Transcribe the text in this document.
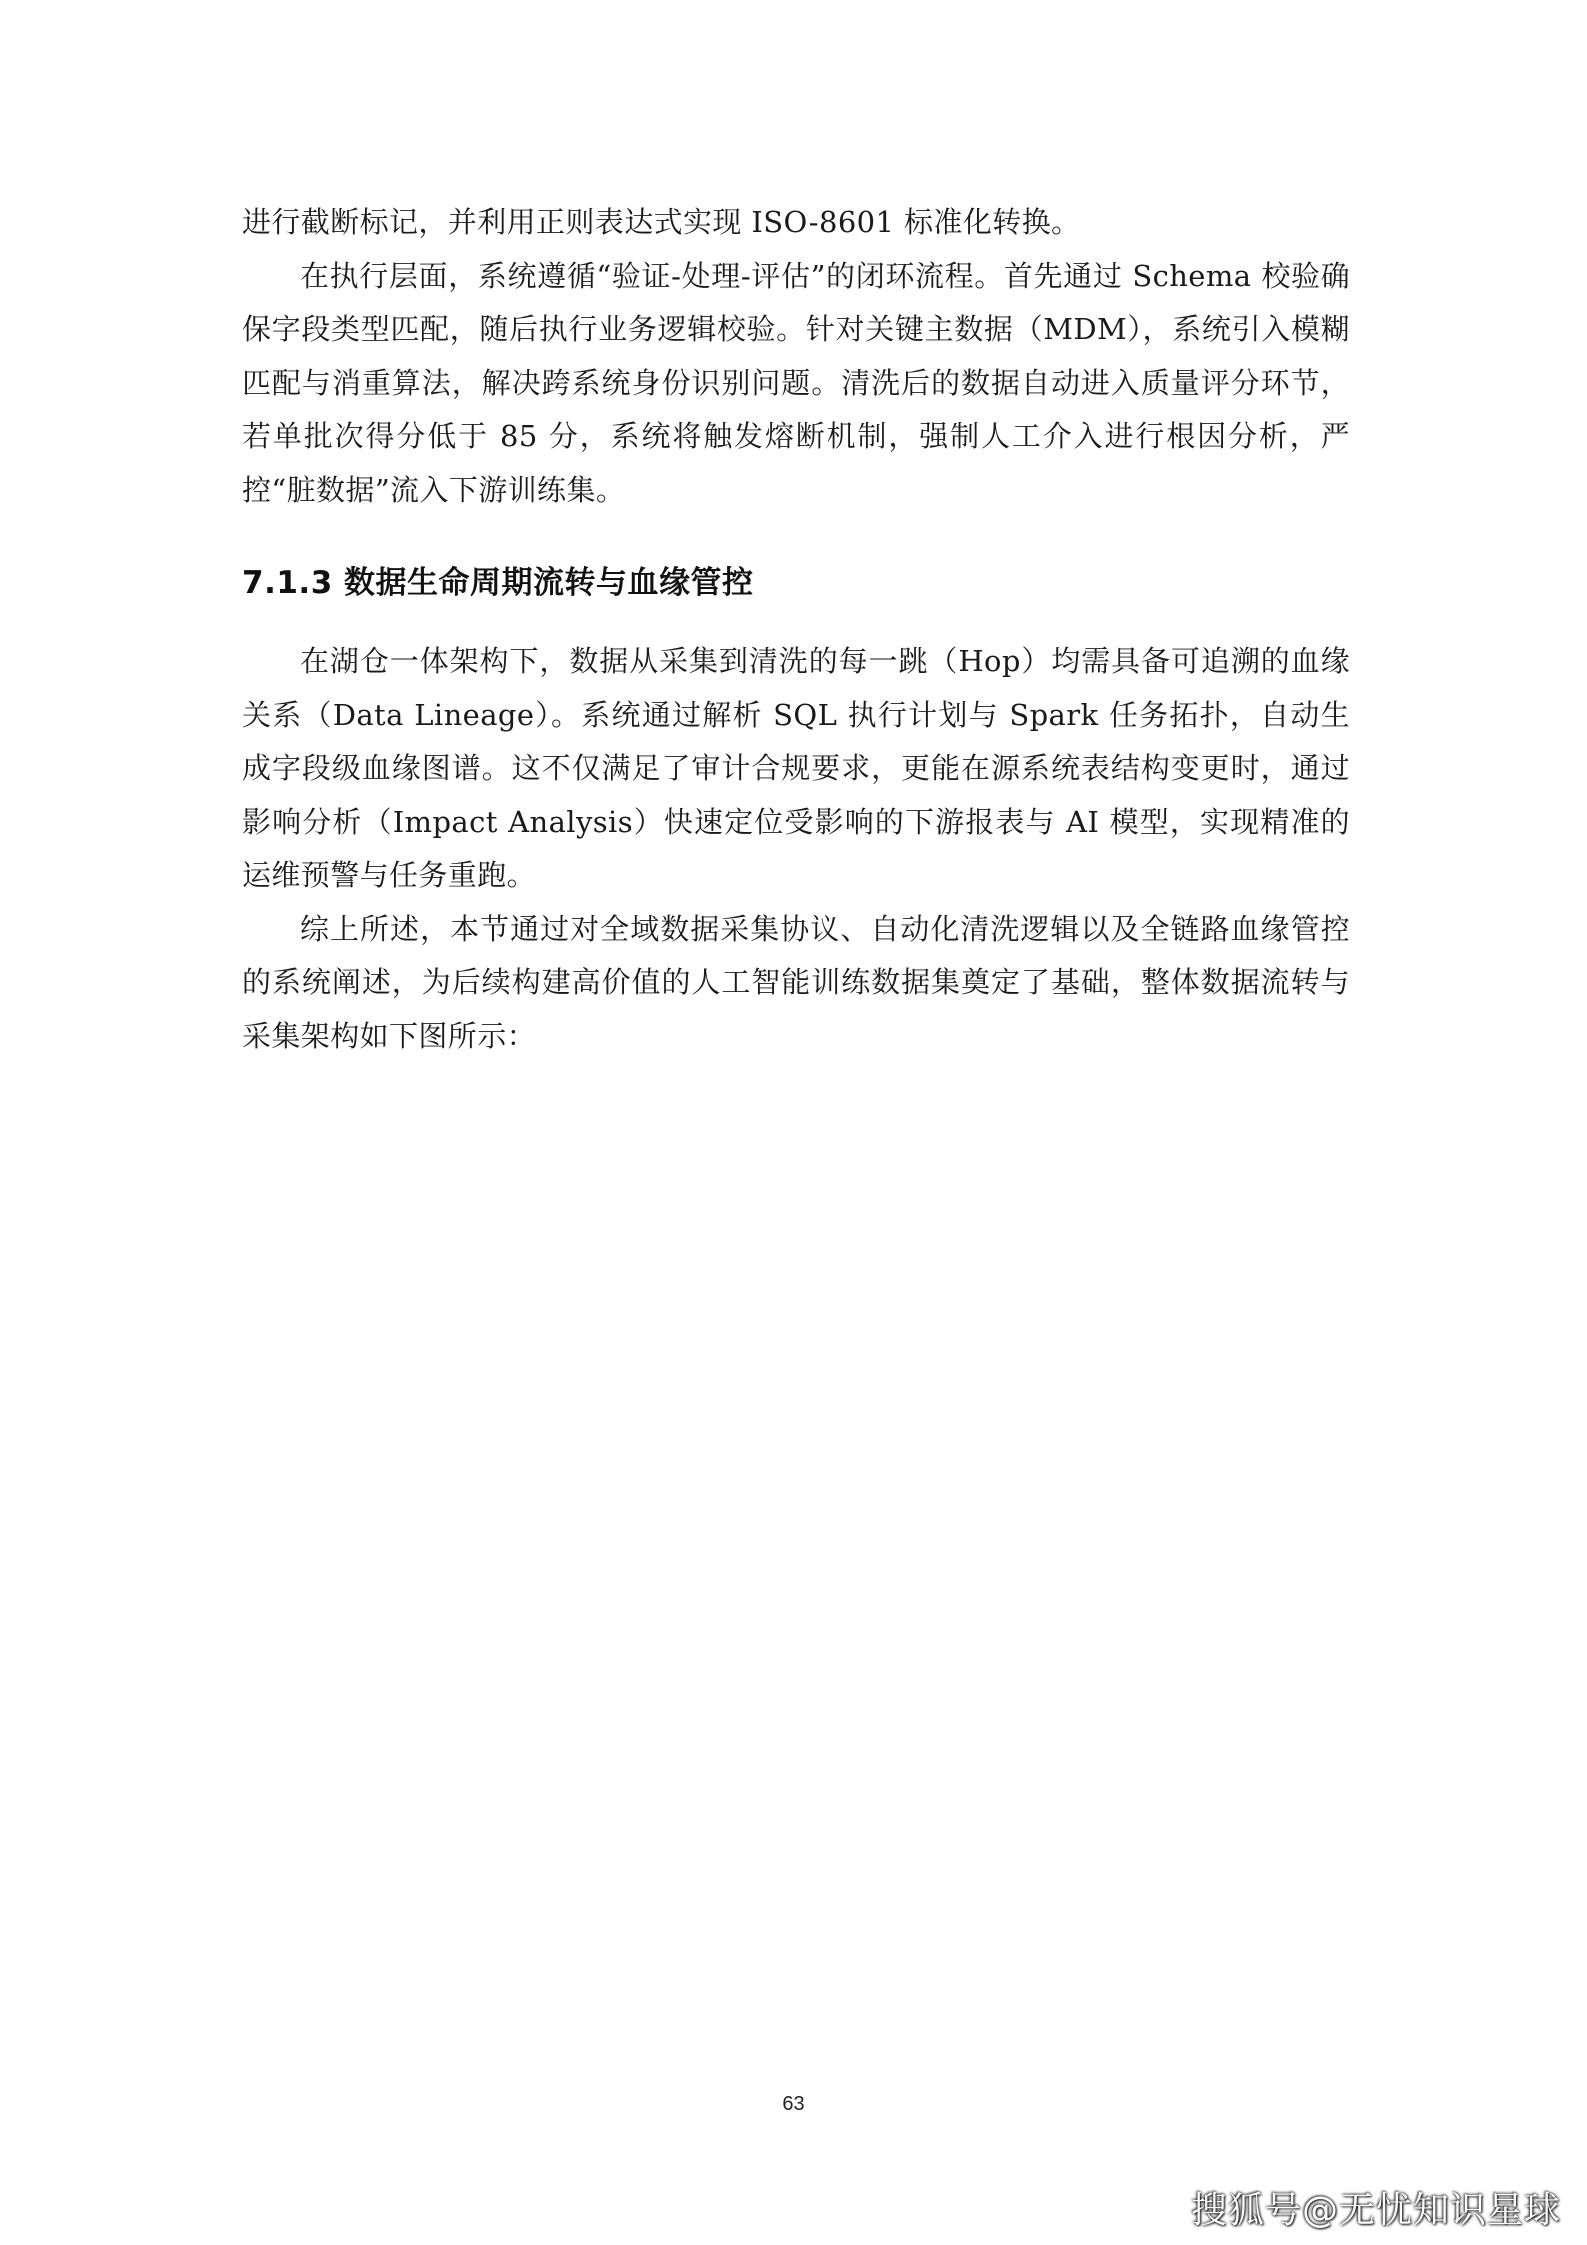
进行截断标记，并利用正则表达式实现 ISO-8601 标准化转换。

在执行层面，系统遵循“验证-处理-评估”的闭环流程。首先通过 Schema 校验确保字段类型匹配，随后执行业务逻辑校验。针对关键主数据（MDM），系统引入模糊匹配与消重算法，解决跨系统身份识别问题。清洗后的数据自动进入质量评分环节，若单批次得分低于 85 分，系统将触发熔断机制，强制人工介入进行根因分析，严控“脏数据”流入下游训练集。

7.1.3 数据生命周期流转与血缘管控

在湖仓一体架构下，数据从采集到清洗的每一跳（Hop）均需具备可追溯的血缘关系（Data Lineage）。系统通过解析 SQL 执行计划与 Spark 任务拓扑，自动生成字段级血缘图谱。这不仅满足了审计合规要求，更能在源系统表结构变更时，通过影响分析（Impact Analysis）快速定位受影响的下游报表与 AI 模型，实现精准的运维预警与任务重跑。

综上所述，本节通过对全域数据采集协议、自动化清洗逻辑以及全链路血缘管控的系统阐述，为后续构建高价值的人工智能训练数据集奠定了基础，整体数据流转与采集架构如下图所示：

63
搜狐号@无忧知识星球
